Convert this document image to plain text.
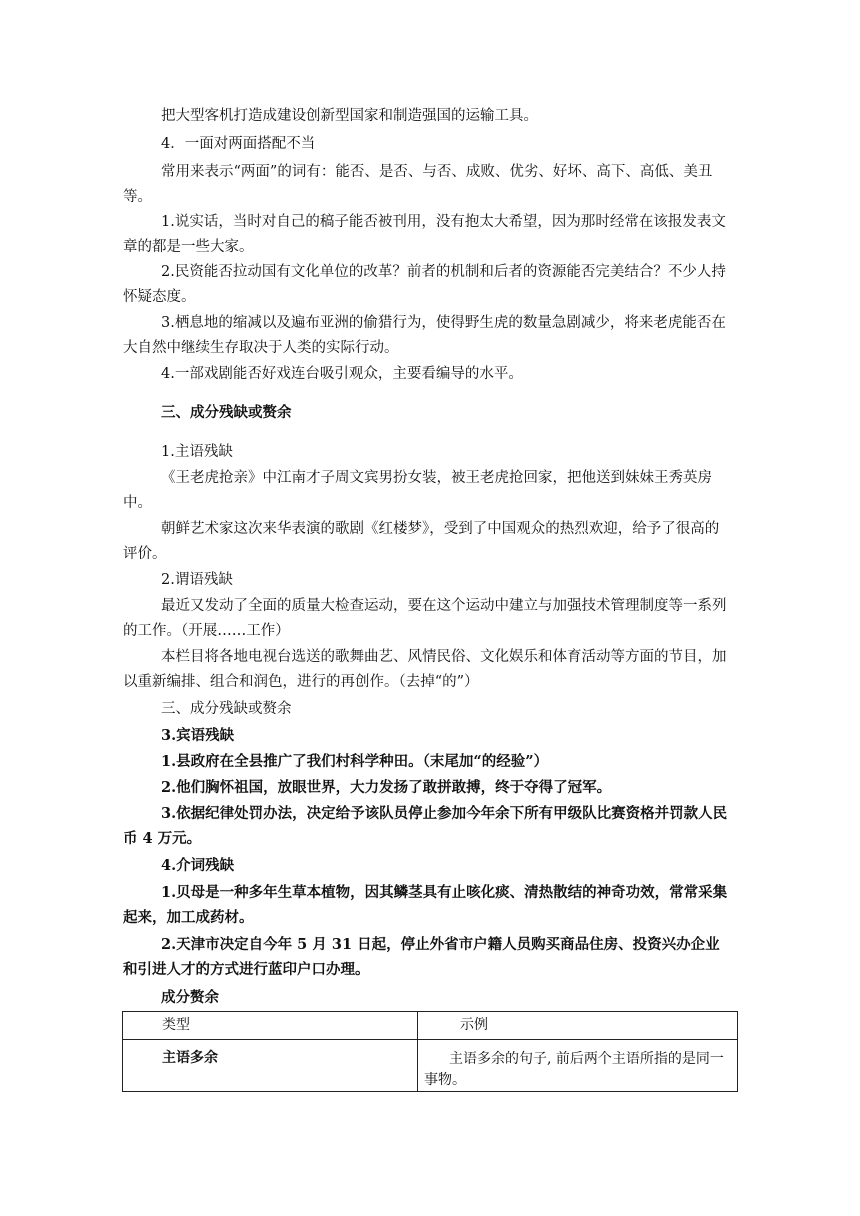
把大型客机打造成建设创新型国家和制造强国的运输工具。

4．一面对两面搭配不当

常用来表示“两面”的词有：能否、是否、与否、成败、优劣、好坏、高下、高低、美丑等。

1.说实话，当时对自己的稿子能否被刊用，没有抱太大希望，因为那时经常在该报发表文章的都是一些大家。

2.民资能否拉动国有文化单位的改革？前者的机制和后者的资源能否完美结合？不少人持怀疑态度。

3.栖息地的缩减以及遍布亚洲的偷猎行为，使得野生虎的数量急剧减少，将来老虎能否在大自然中继续生存取决于人类的实际行动。

4.一部戏剧能否好戏连台吸引观众，主要看编导的水平。

三、成分残缺或赘余

1.主语残缺

《王老虎抢亲》中江南才子周文宾男扮女装，被王老虎抢回家，把他送到妹妹王秀英房中。

朝鲜艺术家这次来华表演的歌剧《红楼梦》，受到了中国观众的热烈欢迎，给予了很高的评价。

2.谓语残缺

最近又发动了全面的质量大检查运动，要在这个运动中建立与加强技术管理制度等一系列的工作。（开展……工作）

本栏目将各地电视台选送的歌舞曲艺、风情民俗、文化娱乐和体育活动等方面的节目，加以重新编排、组合和润色，进行的再创作。（去掉“的”）

三、成分残缺或赘余

3.宾语残缺

1.县政府在全县推广了我们村科学种田。（末尾加“的经验”）

2.他们胸怀祖国，放眼世界，大力发扬了敢拼敢搏，终于夺得了冠军。

3.依据纪律处罚办法，决定给予该队员停止参加今年余下所有甲级队比赛资格并罚款人民币 4 万元。

4.介词残缺

1.贝母是一种多年生草本植物，因其鳞茎具有止咳化痰、清热散结的神奇功效，常常采集起来，加工成药材。

2.天津市决定自今年 5 月 31 日起，停止外省市户籍人员购买商品住房、投资兴办企业和引进人才的方式进行蓝印户口办理。

成分赘余

类型	示例

主语多余	主语多余的句子, 前后两个主语所指的是同一事物。
